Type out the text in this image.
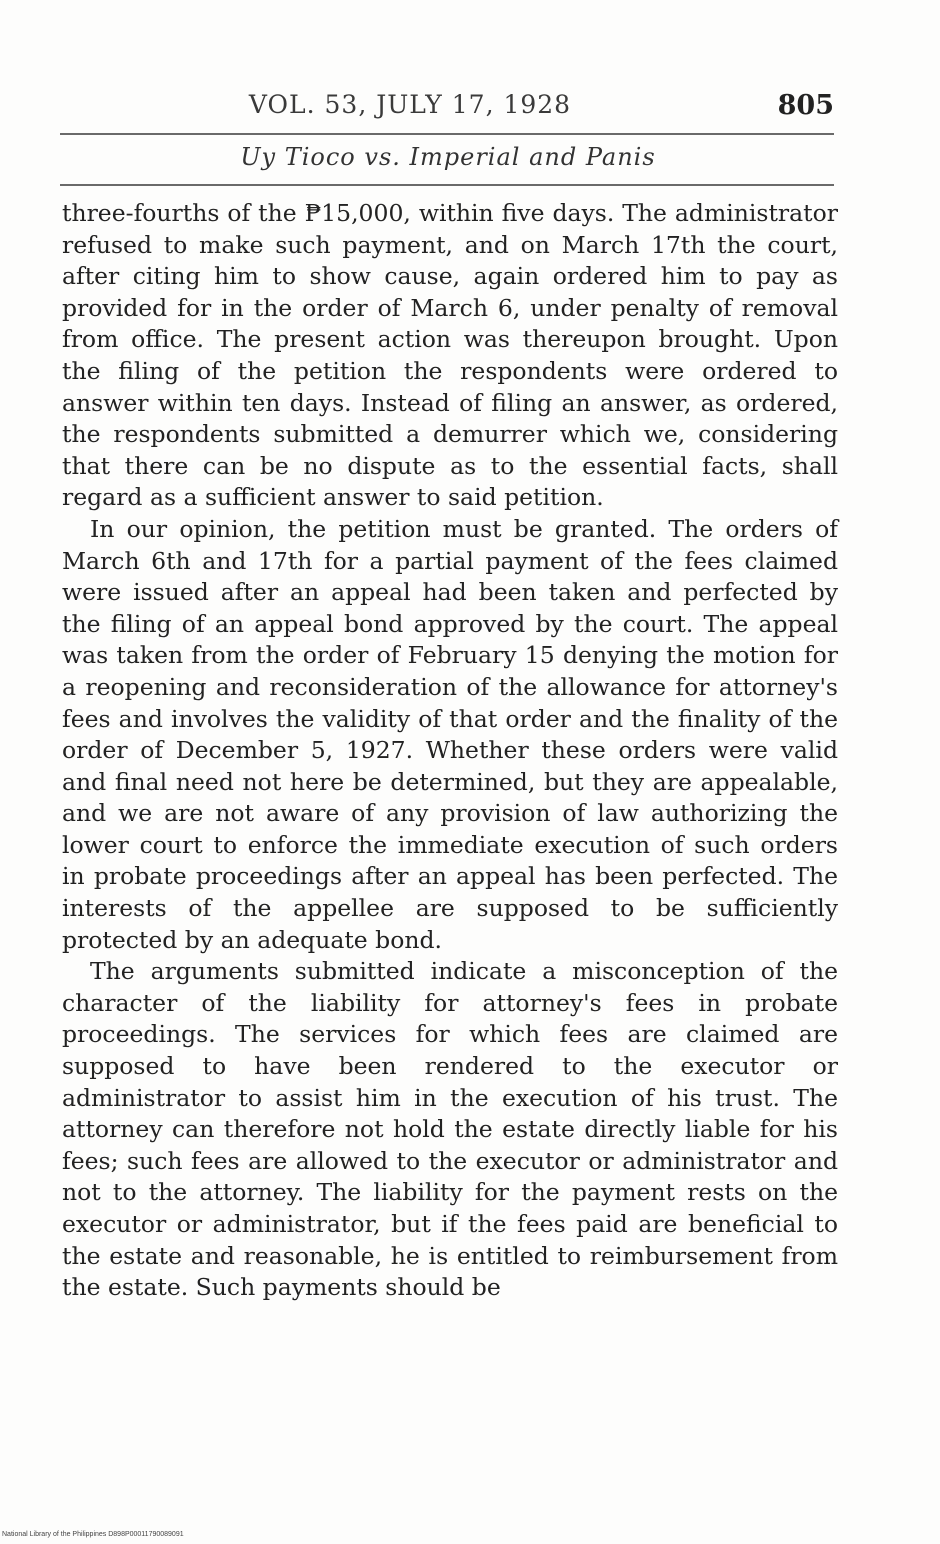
VOL. 53, JULY 17, 1928	805
Uy Tioco vs. Imperial and Panis

three-fourths of the ₱15,000, within five days. The administrator refused to make such payment, and on March 17th the court, after citing him to show cause, again ordered him to pay as provided for in the order of March 6, under penalty of removal from office. The present action was thereupon brought. Upon the filing of the petition the respondents were ordered to answer within ten days. Instead of filing an answer, as ordered, the respondents submitted a demurrer which we, considering that there can be no dispute as to the essential facts, shall regard as a sufficient answer to said petition.

In our opinion, the petition must be granted. The orders of March 6th and 17th for a partial payment of the fees claimed were issued after an appeal had been taken and perfected by the filing of an appeal bond approved by the court. The appeal was taken from the order of February 15 denying the motion for a reopening and reconsideration of the allowance for attorney's fees and involves the validity of that order and the finality of the order of December 5, 1927. Whether these orders were valid and final need not here be determined, but they are appealable, and we are not aware of any provision of law authorizing the lower court to enforce the immediate execution of such orders in probate proceedings after an appeal has been perfected. The interests of the appellee are supposed to be sufficiently protected by an adequate bond.

The arguments submitted indicate a misconception of the character of the liability for attorney's fees in probate proceedings. The services for which fees are claimed are supposed to have been rendered to the executor or administrator to assist him in the execution of his trust. The attorney can therefore not hold the estate directly liable for his fees; such fees are allowed to the executor or administrator and not to the attorney. The liability for the payment rests on the executor or administrator, but if the fees paid are beneficial to the estate and reasonable, he is entitled to reimbursement from the estate. Such payments should be

National Library of the Philippines D898P00011790089091
